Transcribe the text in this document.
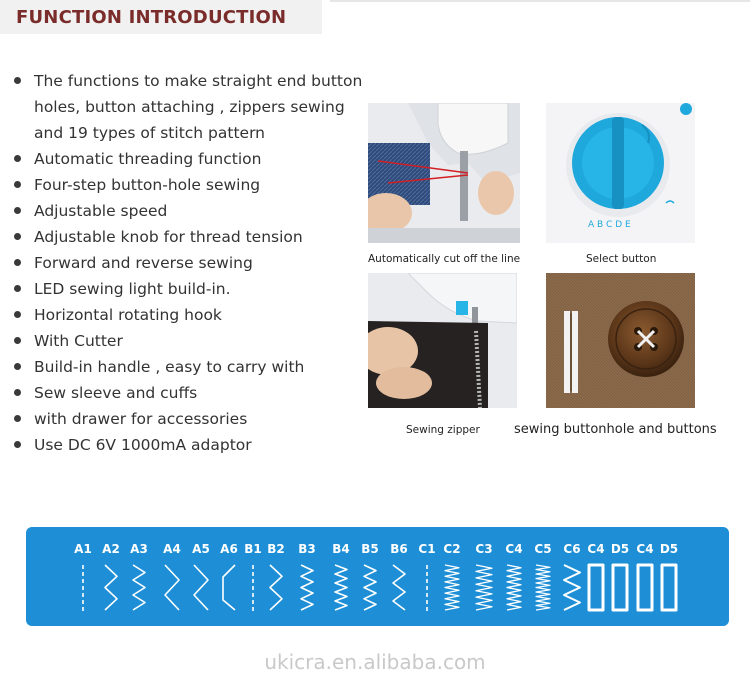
FUNCTION INTRODUCTION
The functions to make straight end button holes, button attaching , zippers sewing and 19 types of stitch pattern
Automatic threading function
Four-step button-hole sewing
Adjustable speed
Adjustable knob for thread tension
Forward and reverse sewing
LED sewing light build-in.
Horizontal rotating hook
With Cutter
Build-in handle , easy to carry with
Sew sleeve and cuffs
with drawer for accessories
Use DC 6V 1000mA adaptor
Automatically cut off the line
A B C D E
Select button
Sewing zipper	sewing buttonhole and buttons
A1 A2 A3 A4 A5 A6 B1 B2 B3 B4 B5 B6 C1 C2 C3 C4 C5 C6 C4 D5 C4 D5
ukicra.en.alibaba.com
